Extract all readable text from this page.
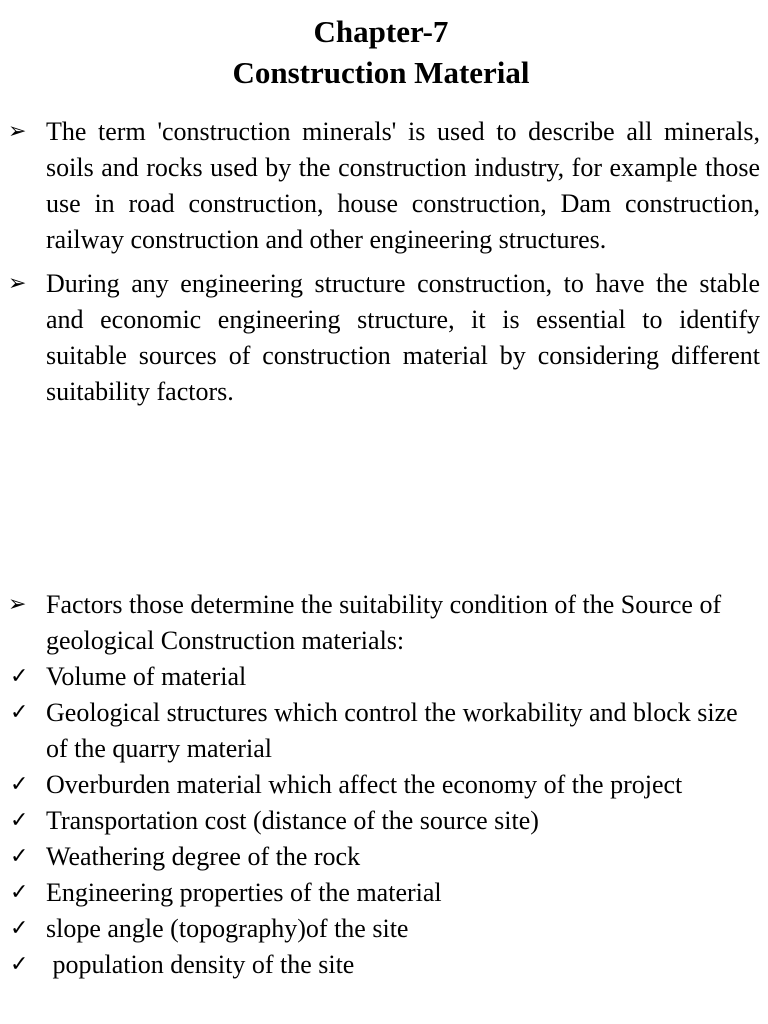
Chapter-7
Construction Material
➢ The term 'construction minerals' is used to describe all minerals, soils and rocks used by the construction industry, for example those use in road construction, house construction, Dam construction, railway construction and other engineering structures.
➢ During any engineering structure construction, to have the stable and economic engineering structure, it is essential to identify suitable sources of construction material by considering different suitability factors.
➢ Factors those determine the suitability condition of the Source of geological Construction materials:
✓ Volume of material
✓ Geological structures which control the workability and block size of the quarry material
✓ Overburden material which affect the economy of the project
✓ Transportation cost (distance of the source site)
✓ Weathering degree of the rock
✓ Engineering properties of the material
✓ slope angle (topography)of the site
✓ population density of the site
